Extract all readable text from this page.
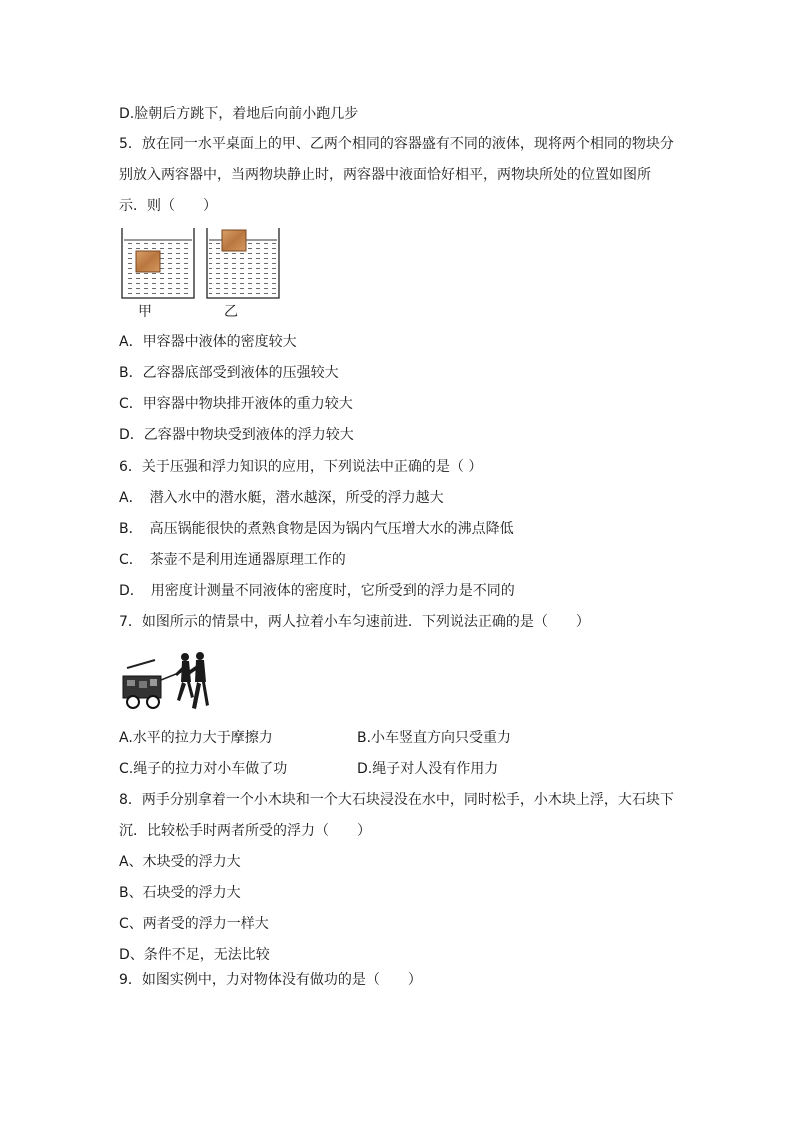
D.脸朝后方跳下，着地后向前小跑几步
5．放在同一水平桌面上的甲、乙两个相同的容器盛有不同的液体，现将两个相同的物块分
别放入两容器中，当两物块静止时，两容器中液面恰好相平，两物块所处的位置如图所
示．则（　　）
甲	乙
A．甲容器中液体的密度较大
B．乙容器底部受到液体的压强较大
C．甲容器中物块排开液体的重力较大
D．乙容器中物块受到液体的浮力较大
6．关于压强和浮力知识的应用，下列说法中正确的是（ ）
A．　潜入水中的潜水艇，潜水越深，所受的浮力越大
B．　高压锅能很快的煮熟食物是因为锅内气压增大水的沸点降低
C．　茶壶不是利用连通器原理工作的
D．　用密度计测量不同液体的密度时，它所受到的浮力是不同的
7．如图所示的情景中，两人拉着小车匀速前进．下列说法正确的是（　　）
A.水平的拉力大于摩擦力	B.小车竖直方向只受重力
C.绳子的拉力对小车做了功	D.绳子对人没有作用力
8．两手分别拿着一个小木块和一个大石块浸没在水中，同时松手，小木块上浮，大石块下
沉．比较松手时两者所受的浮力（　　）
A、木块受的浮力大
B、石块受的浮力大
C、两者受的浮力一样大
D、条件不足，无法比较
9．如图实例中，力对物体没有做功的是（　　）
